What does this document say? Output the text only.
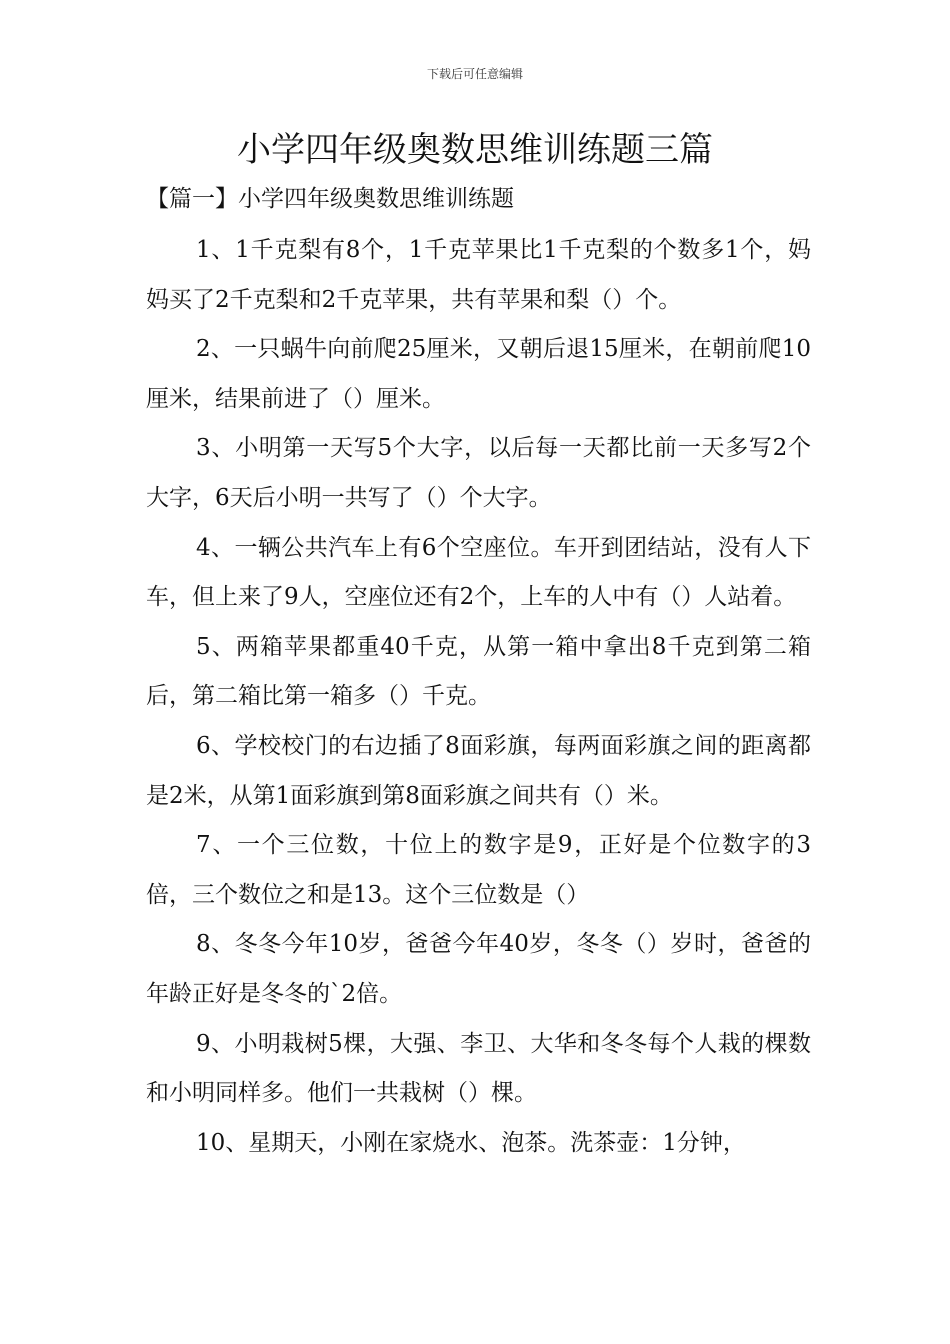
下载后可任意编辑
小学四年级奥数思维训练题三篇
【篇一】小学四年级奥数思维训练题

1、1千克梨有8个，1千克苹果比1千克梨的个数多1个，妈妈买了2千克梨和2千克苹果，共有苹果和梨（）个。

2、一只蜗牛向前爬25厘米，又朝后退15厘米，在朝前爬10厘米，结果前进了（）厘米。

3、小明第一天写5个大字，以后每一天都比前一天多写2个大字，6天后小明一共写了（）个大字。

4、一辆公共汽车上有6个空座位。车开到团结站，没有人下车，但上来了9人，空座位还有2个，上车的人中有（）人站着。

5、两箱苹果都重40千克，从第一箱中拿出8千克到第二箱后，第二箱比第一箱多（）千克。

6、学校校门的右边插了8面彩旗，每两面彩旗之间的距离都是2米，从第1面彩旗到第8面彩旗之间共有（）米。

7、一个三位数，十位上的数字是9，正好是个位数字的3倍，三个数位之和是13。这个三位数是（）

8、冬冬今年10岁，爸爸今年40岁，冬冬（）岁时，爸爸的年龄正好是冬冬的`2倍。

9、小明栽树5棵，大强、李卫、大华和冬冬每个人栽的棵数和小明同样多。他们一共栽树（）棵。

10、星期天，小刚在家烧水、泡茶。洗茶壶：1分钟，
